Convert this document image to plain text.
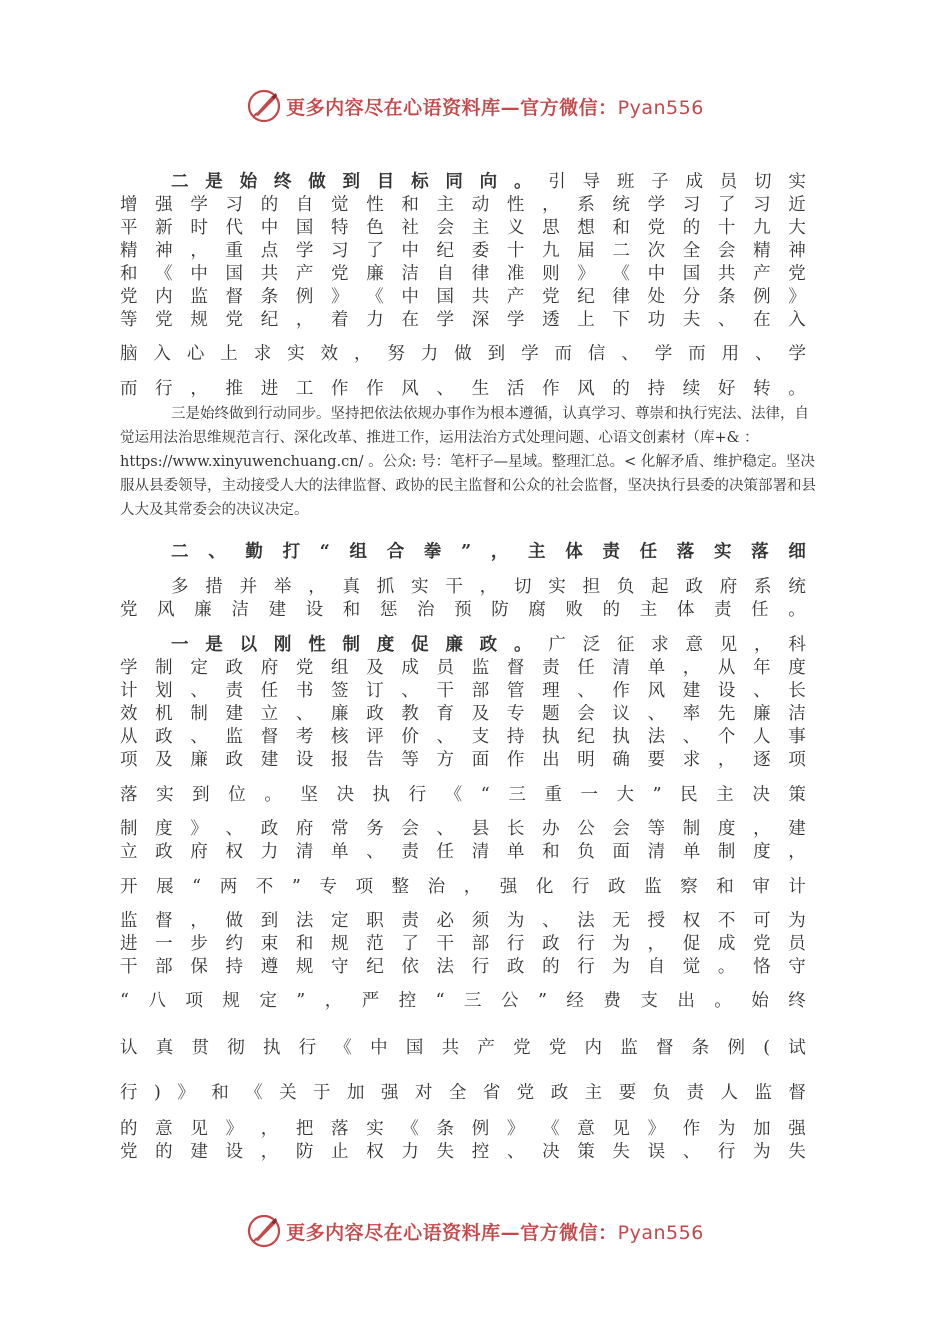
更多内容尽在心语资料库—官方微信：Pyan556
二 是 始 终 做 到 目 标 同 向 。 引 导 班 子 成 员 切 实
增 强 学 习 的 自 觉 性 和 主 动 性 ， 系 统 学 习 了 习 近
平 新 时 代 中 国 特 色 社 会 主 义 思 想 和 党 的 十 九 大
精 神 ， 重 点 学 习 了 中 纪 委 十 九 届 二 次 全 会 精 神
和 《 中 国 共 产 党 廉 洁 自 律 准 则 》 《 中 国 共 产 党
党 内 监 督 条 例 》 《 中 国 共 产 党 纪 律 处 分 条 例 》
等 党 规 党 纪 ， 着 力 在 学 深 学 透 上 下 功 夫 、 在 入
脑 入 心 上 求 实 效 ， 努 力 做 到 学 而 信 、 学 而 用 、 学
而 行 ， 推 进 工 作 作 风 、 生 活 作 风 的 持 续 好 转 。
三是始终做到行动同步。坚持把依法依规办事作为根本遵循，认真学习、尊崇和执行宪法、法律，自觉运用法治思维规范言行、深化改革、推进工作，运用法治方式处理问题、心语文创素材（库+& ：https://www.xinyuwenchuang.cn/ 。公众: 号：笔杆子—星域。整理汇总。< 化解矛盾、维护稳定。坚决服从县委领导，主动接受人大的法律监督、政协的民主监督和公众的社会监督，坚决执行县委的决策部署和县人大及其常委会的决议决定。
二 、 勤 打 “ 组 合 拳 ” ， 主 体 责 任 落 实 落 细
多 措 并 举 ， 真 抓 实 干 ， 切 实 担 负 起 政 府 系 统
党 风 廉 洁 建 设 和 惩 治 预 防 腐 败 的 主 体 责 任 。
一 是 以 刚 性 制 度 促 廉 政 。 广 泛 征 求 意 见 ， 科
学 制 定 政 府 党 组 及 成 员 监 督 责 任 清 单 ， 从 年 度
计 划 、 责 任 书 签 订 、 干 部 管 理 、 作 风 建 设 、 长
效 机 制 建 立 、 廉 政 教 育 及 专 题 会 议 、 率 先 廉 洁
从 政 、 监 督 考 核 评 价 、 支 持 执 纪 执 法 、 个 人 事
项 及 廉 政 建 设 报 告 等 方 面 作 出 明 确 要 求 ， 逐 项
落 实 到 位 。 坚 决 执 行 《 “ 三 重 一 大 ” 民 主 决 策
制 度 》 、 政 府 常 务 会 、 县 长 办 公 会 等 制 度 ， 建
立 政 府 权 力 清 单 、 责 任 清 单 和 负 面 清 单 制 度 ，
开 展 “ 两 不 ” 专 项 整 治 ， 强 化 行 政 监 察 和 审 计
监 督 ， 做 到 法 定 职 责 必 须 为 、 法 无 授 权 不 可 为
进 一 步 约 束 和 规 范 了 干 部 行 政 行 为 ， 促 成 党 员
干 部 保 持 遵 规 守 纪 依 法 行 政 的 行 为 自 觉 。 恪 守
“ 八 项 规 定 ” ， 严 控 “ 三 公 ” 经 费 支 出 。 始 终
认 真 贯 彻 执 行 《 中 国 共 产 党 党 内 监 督 条 例 ( 试
行 ) 》 和 《 关 于 加 强 对 全 省 党 政 主 要 负 责 人 监 督
的 意 见 》 ， 把 落 实 《 条 例 》 《 意 见 》 作 为 加 强
党 的 建 设 ， 防 止 权 力 失 控 、 决 策 失 误 、 行 为 失
更多内容尽在心语资料库—官方微信：Pyan556
